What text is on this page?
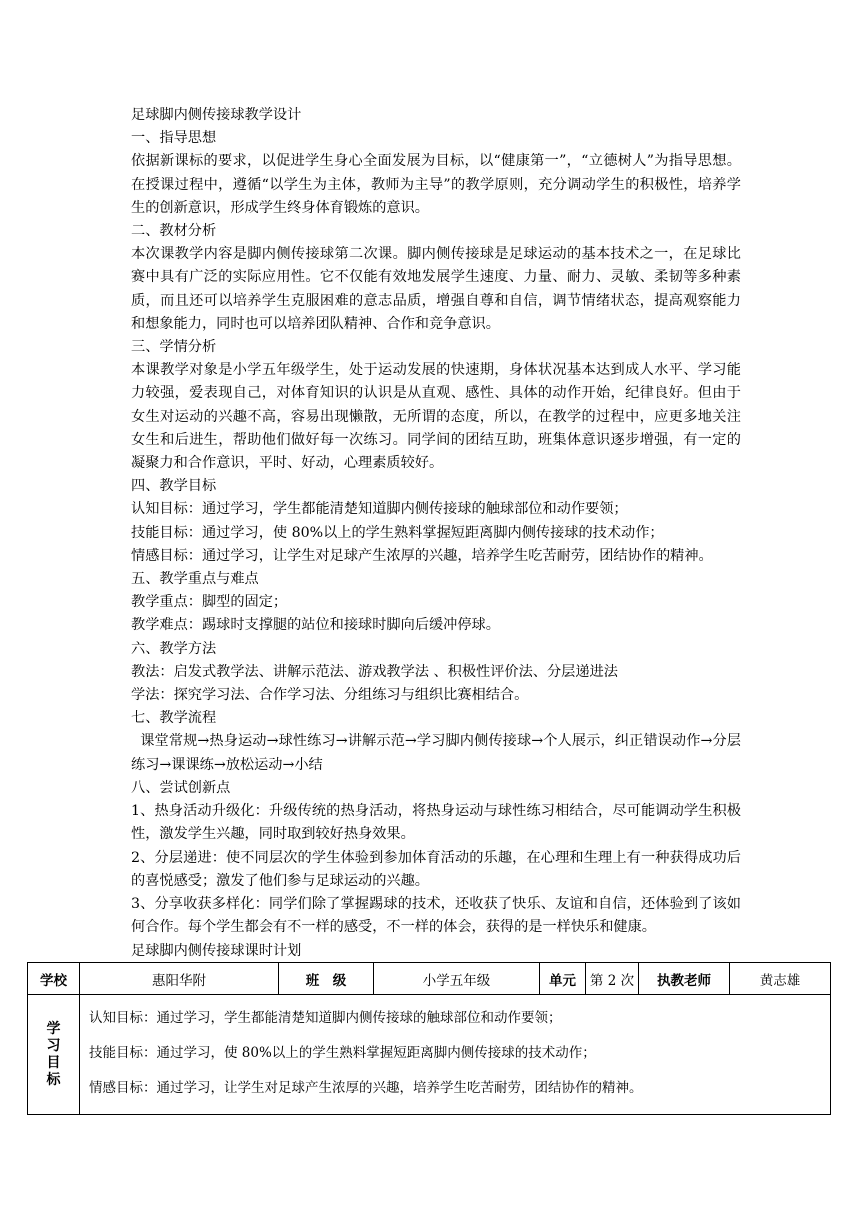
足球脚内侧传接球教学设计

一、指导思想

依据新课标的要求，以促进学生身心全面发展为目标，以“健康第一”，“立德树人”为指导思想。在授课过程中，遵循“以学生为主体，教师为主导”的教学原则，充分调动学生的积极性，培养学生的创新意识，形成学生终身体育锻炼的意识。

二、教材分析

本次课教学内容是脚内侧传接球第二次课。脚内侧传接球是足球运动的基本技术之一，在足球比赛中具有广泛的实际应用性。它不仅能有效地发展学生速度、力量、耐力、灵敏、柔韧等多种素质，而且还可以培养学生克服困难的意志品质，增强自尊和自信，调节情绪状态，提高观察能力和想象能力，同时也可以培养团队精神、合作和竞争意识。

三、学情分析

本课教学对象是小学五年级学生，处于运动发展的快速期，身体状况基本达到成人水平、学习能力较强，爱表现自己，对体育知识的认识是从直观、感性、具体的动作开始，纪律良好。但由于女生对运动的兴趣不高，容易出现懒散，无所谓的态度，所以，在教学的过程中，应更多地关注女生和后进生，帮助他们做好每一次练习。同学间的团结互助，班集体意识逐步增强，有一定的凝聚力和合作意识，平时、好动，心理素质较好。

四、教学目标

认知目标：通过学习，学生都能清楚知道脚内侧传接球的触球部位和动作要领；

技能目标：通过学习，使 80%以上的学生熟料掌握短距离脚内侧传接球的技术动作；

情感目标：通过学习，让学生对足球产生浓厚的兴趣，培养学生吃苦耐劳，团结协作的精神。

五、教学重点与难点

教学重点：脚型的固定；

教学难点：踢球时支撑腿的站位和接球时脚向后缓冲停球。

六、教学方法

教法：启发式教学法、讲解示范法、游戏教学法 、积极性评价法、分层递进法

学法：探究学习法、合作学习法、分组练习与组织比赛相结合。

七、教学流程

课堂常规→热身运动→球性练习→讲解示范→学习脚内侧传接球→个人展示，纠正错误动作→分层练习→课课练→放松运动→小结

八、尝试创新点

1、热身活动升级化：升级传统的热身活动，将热身运动与球性练习相结合，尽可能调动学生积极性，激发学生兴趣，同时取到较好热身效果。

2、分层递进：使不同层次的学生体验到参加体育活动的乐趣，在心理和生理上有一种获得成功后的喜悦感受；激发了他们参与足球运动的兴趣。

3、分享收获多样化：同学们除了掌握踢球的技术，还收获了快乐、友谊和自信，还体验到了该如何合作。每个学生都会有不一样的感受，不一样的体会，获得的是一样快乐和健康。

足球脚内侧传接球课时计划
学校	惠阳华附	班　级	小学五年级	单元	第 2 次	执教老师	黄志雄

学习目标	认知目标：通过学习，学生都能清楚知道脚内侧传接球的触球部位和动作要领；
技能目标：通过学习，使 80%以上的学生熟料掌握短距离脚内侧传接球的技术动作；
情感目标：通过学习，让学生对足球产生浓厚的兴趣，培养学生吃苦耐劳，团结协作的精神。						
